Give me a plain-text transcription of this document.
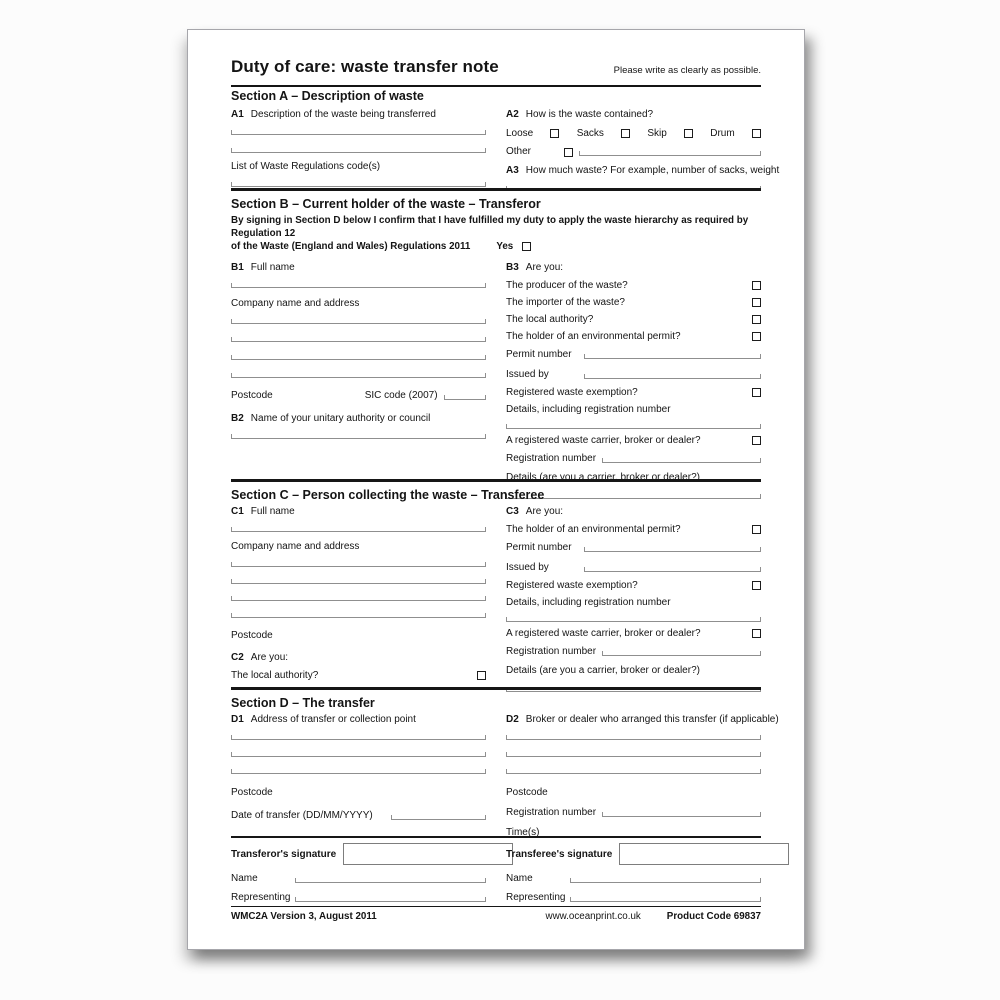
Duty of care: waste transfer note	Please write as clearly as possible.
Section A – Description of waste
A1 Description of the waste being transferred
List of Waste Regulations code(s)
A2 How is the waste contained?
Loose	Sacks	Skip	Drum
Other
A3 How much waste? For example, number of sacks, weight
Section B – Current holder of the waste – Transferor
By signing in Section D below I confirm that I have fulfilled my duty to apply the waste hierarchy as required by Regulation 12
of the Waste (England and Wales) Regulations 2011	Yes
B1 Full name
Company name and address
Postcode	SIC code (2007)
B2 Name of your unitary authority or council
B3 Are you:
The producer of the waste?
The importer of the waste?
The local authority?
The holder of an environmental permit?
Permit number
Issued by
Registered waste exemption?
Details, including registration number
A registered waste carrier, broker or dealer?
Registration number
Details (are you a carrier, broker or dealer?)
Section C – Person collecting the waste – Transferee
C1 Full name
Company name and address
Postcode
C2 Are you:
The local authority?
C3 Are you:
The holder of an environmental permit?
Permit number
Issued by
Registered waste exemption?
Details, including registration number
A registered waste carrier, broker or dealer?
Registration number
Details (are you a carrier, broker or dealer?)
Section D – The transfer
D1 Address of transfer or collection point
Postcode
Date of transfer (DD/MM/YYYY)
D2 Broker or dealer who arranged this transfer (if applicable)
Postcode
Registration number
Time(s)
Transferor's signature
Name
Representing
Transferee's signature
Name
Representing
WMC2A Version 3, August 2011	www.oceanprint.co.uk	Product Code 69837
